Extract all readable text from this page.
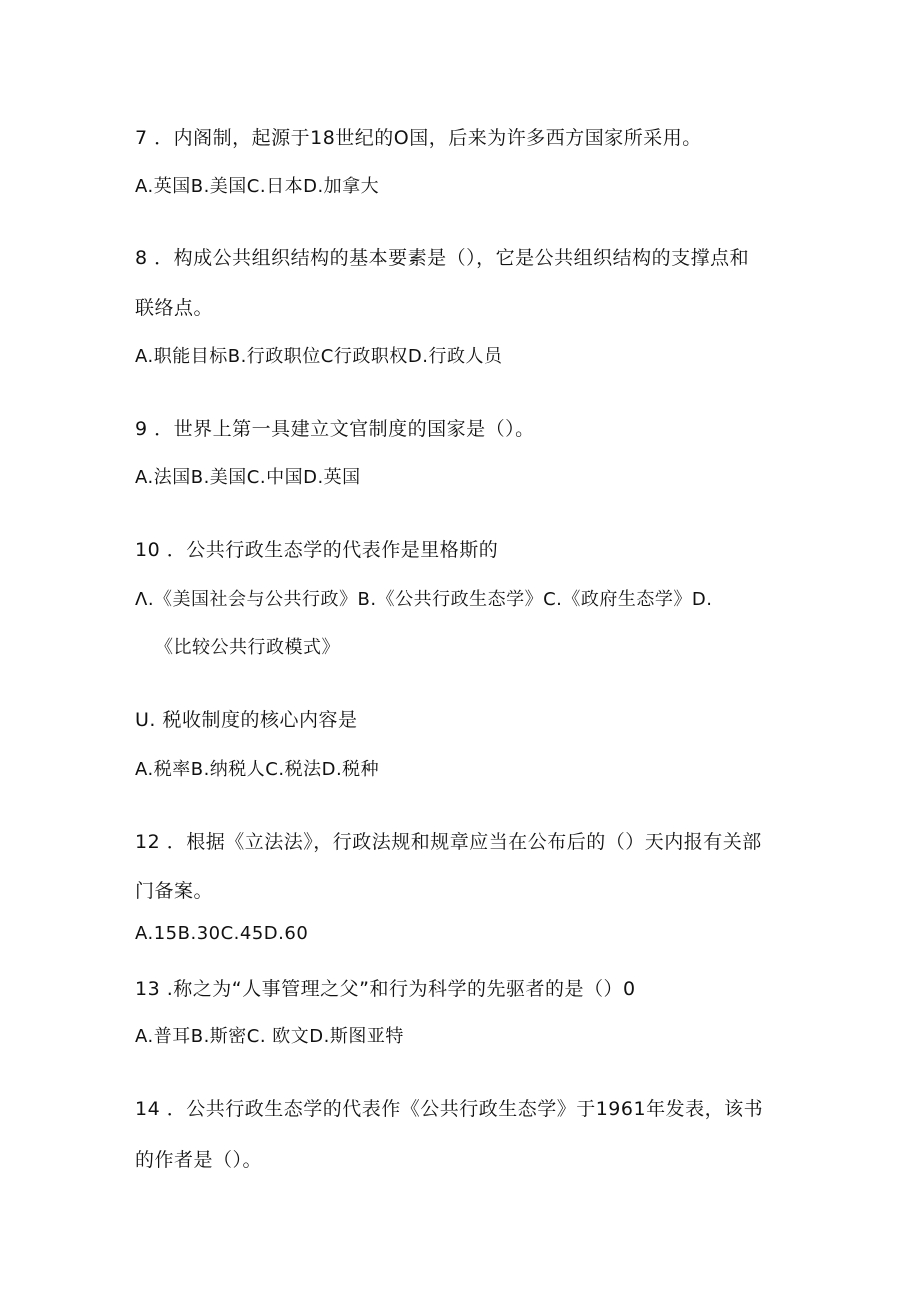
7 ．内阁制，起源于18世纪的O国，后来为许多西方国家所采用。
A.英国B.美国C.日本D.加拿大
8 ．构成公共组织结构的基本要素是（），它是公共组织结构的支撑点和
联络点。
A.职能目标B.行政职位C行政职权D.行政人员
9 ．世界上第一具建立文官制度的国家是（）。
A.法国B.美国C.中国D.英国
10 ．公共行政生态学的代表作是里格斯的
Λ.《美国社会与公共行政》B.《公共行政生态学》C.《政府生态学》D.
《比较公共行政模式》
U. 税收制度的核心内容是
A.税率B.纳税人C.税法D.税种
12 ．根据《立法法》，行政法规和规章应当在公布后的（）天内报有关部
门备案。
A.15B.30C.45D.60
13 .称之为“人事管理之父”和行为科学的先驱者的是（）0
A.普耳B.斯密C. 欧文D.斯图亚特
14 ．公共行政生态学的代表作《公共行政生态学》于1961年发表，该书
的作者是（）。
